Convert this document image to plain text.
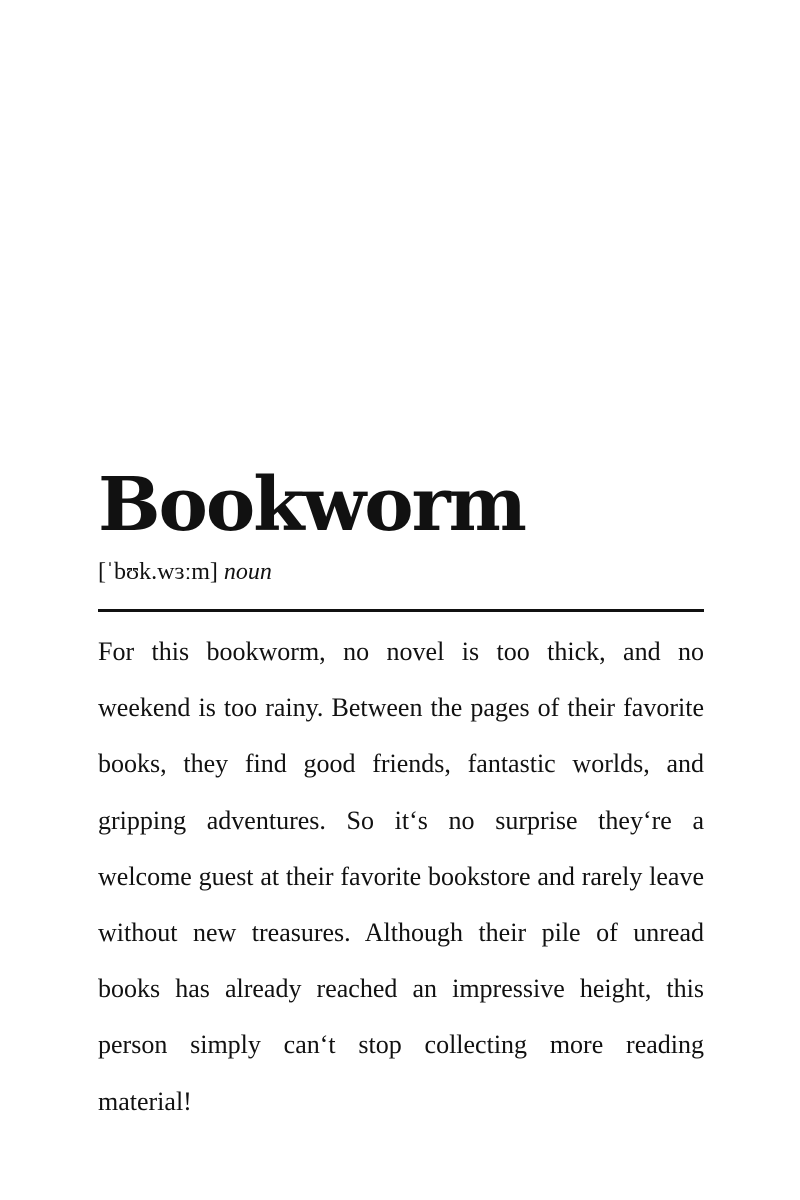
Bookworm
[ˈbʊk.wɜːm] noun

For this bookworm, no novel is too thick, and no weekend is too rainy. Between the pages of their favorite books, they find good friends, fantastic worlds, and gripping adventures. So it‘s no surprise they‘re a welcome guest at their favorite bookstore and rarely leave without new treasures. Although their pile of unread books has already reached an impressive height, this person simply can‘t stop collecting more reading material!
